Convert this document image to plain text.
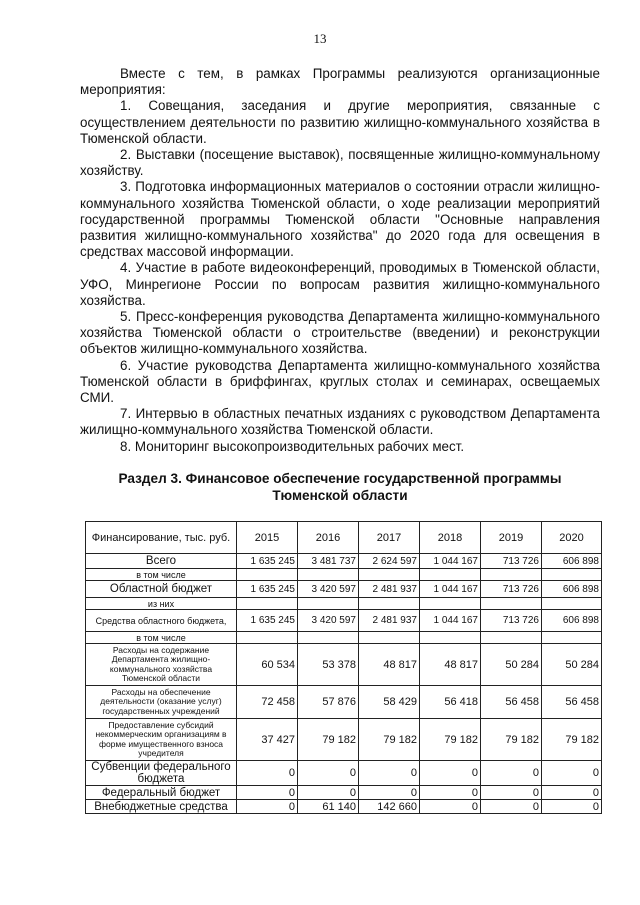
13

Вместе с тем, в рамках Программы реализуются организационные мероприятия:

1. Совещания, заседания и другие мероприятия, связанные с осуществлением деятельности по развитию жилищно-коммунального хозяйства в Тюменской области.

2. Выставки (посещение выставок), посвященные жилищно-коммунальному хозяйству.

3. Подготовка информационных материалов о состоянии отрасли жилищно-коммунального хозяйства Тюменской области, о ходе реализации мероприятий государственной программы Тюменской области "Основные направления развития жилищно-коммунального хозяйства" до 2020 года для освещения в средствах массовой информации.

4. Участие в работе видеоконференций, проводимых в Тюменской области, УФО, Минрегионе России по вопросам развития жилищно-коммунального хозяйства.

5. Пресс-конференция руководства Департамента жилищно-коммунального хозяйства Тюменской области о строительстве (введении) и реконструкции объектов жилищно-коммунального хозяйства.

6. Участие руководства Департамента жилищно-коммунального хозяйства Тюменской области в бриффингах, круглых столах и семинарах, освещаемых СМИ.

7. Интервью в областных печатных изданиях с руководством Департамента жилищно-коммунального хозяйства Тюменской области.

8. Мониторинг высокопроизводительных рабочих мест.

Раздел 3. Финансовое обеспечение государственной программы
Тюменской области
Финансирование, тыс. руб.	2015	2016	2017	2018	2019	2020
Всего	1 635 245	3 481 737	2 624 597	1 044 167	713 726	606 898
в том числе						
Областной бюджет	1 635 245	3 420 597	2 481 937	1 044 167	713 726	606 898
из них						
Средства областного бюджета,	1 635 245	3 420 597	2 481 937	1 044 167	713 726	606 898
в том числе						
Расходы на содержание Департамента жилищно-коммунального хозяйства Тюменской области	60 534	53 378	48 817	48 817	50 284	50 284
Расходы на обеспечение деятельности (оказание услуг) государственных учреждений	72 458	57 876	58 429	56 418	56 458	56 458
Предоставление субсидий некоммерческим организациям в форме имущественного взноса учредителя	37 427	79 182	79 182	79 182	79 182	79 182
Субвенции федерального бюджета	0	0	0	0	0	0
Федеральный бюджет	0	0	0	0	0	0
Внебюджетные средства	0	61 140	142 660	0	0	0
